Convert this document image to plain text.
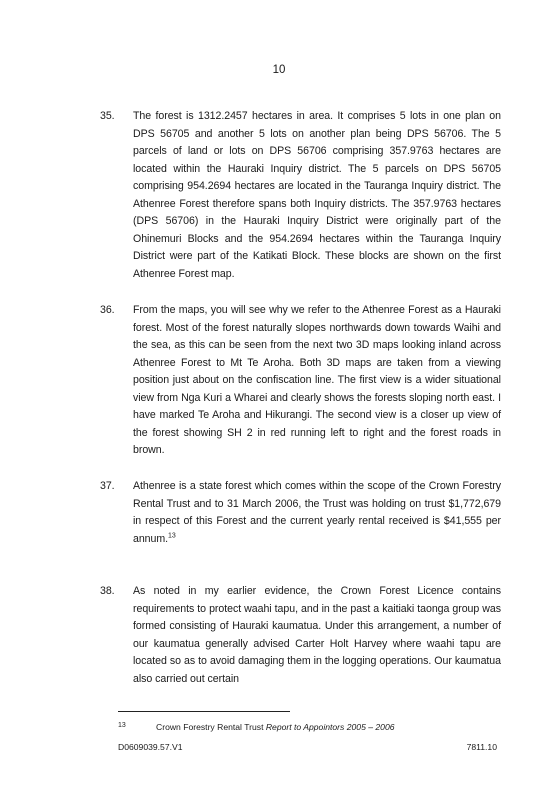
10
35. The forest is 1312.2457 hectares in area. It comprises 5 lots in one plan on DPS 56705 and another 5 lots on another plan being DPS 56706. The 5 parcels of land or lots on DPS 56706 comprising 357.9763 hectares are located within the Hauraki Inquiry district. The 5 parcels on DPS 56705 comprising 954.2694 hectares are located in the Tauranga Inquiry district. The Athenree Forest therefore spans both Inquiry districts. The 357.9763 hectares (DPS 56706) in the Hauraki Inquiry District were originally part of the Ohinemuri Blocks and the 954.2694 hectares within the Tauranga Inquiry District were part of the Katikati Block. These blocks are shown on the first Athenree Forest map.
36. From the maps, you will see why we refer to the Athenree Forest as a Hauraki forest. Most of the forest naturally slopes northwards down towards Waihi and the sea, as this can be seen from the next two 3D maps looking inland across Athenree Forest to Mt Te Aroha. Both 3D maps are taken from a viewing position just about on the confiscation line. The first view is a wider situational view from Nga Kuri a Wharei and clearly shows the forests sloping north east. I have marked Te Aroha and Hikurangi. The second view is a closer up view of the forest showing SH 2 in red running left to right and the forest roads in brown.
37. Athenree is a state forest which comes within the scope of the Crown Forestry Rental Trust and to 31 March 2006, the Trust was holding on trust $1,772,679 in respect of this Forest and the current yearly rental received is $41,555 per annum.$^{13}$
38. As noted in my earlier evidence, the Crown Forest Licence contains requirements to protect waahi tapu, and in the past a kaitiaki taonga group was formed consisting of Hauraki kaumatua. Under this arrangement, a number of our kaumatua generally advised Carter Holt Harvey where waahi tapu are located so as to avoid damaging them in the logging operations. Our kaumatua also carried out certain
13	Crown Forestry Rental Trust Report to Appointors 2005 – 2006
D0609039.57.V1	7811.10
